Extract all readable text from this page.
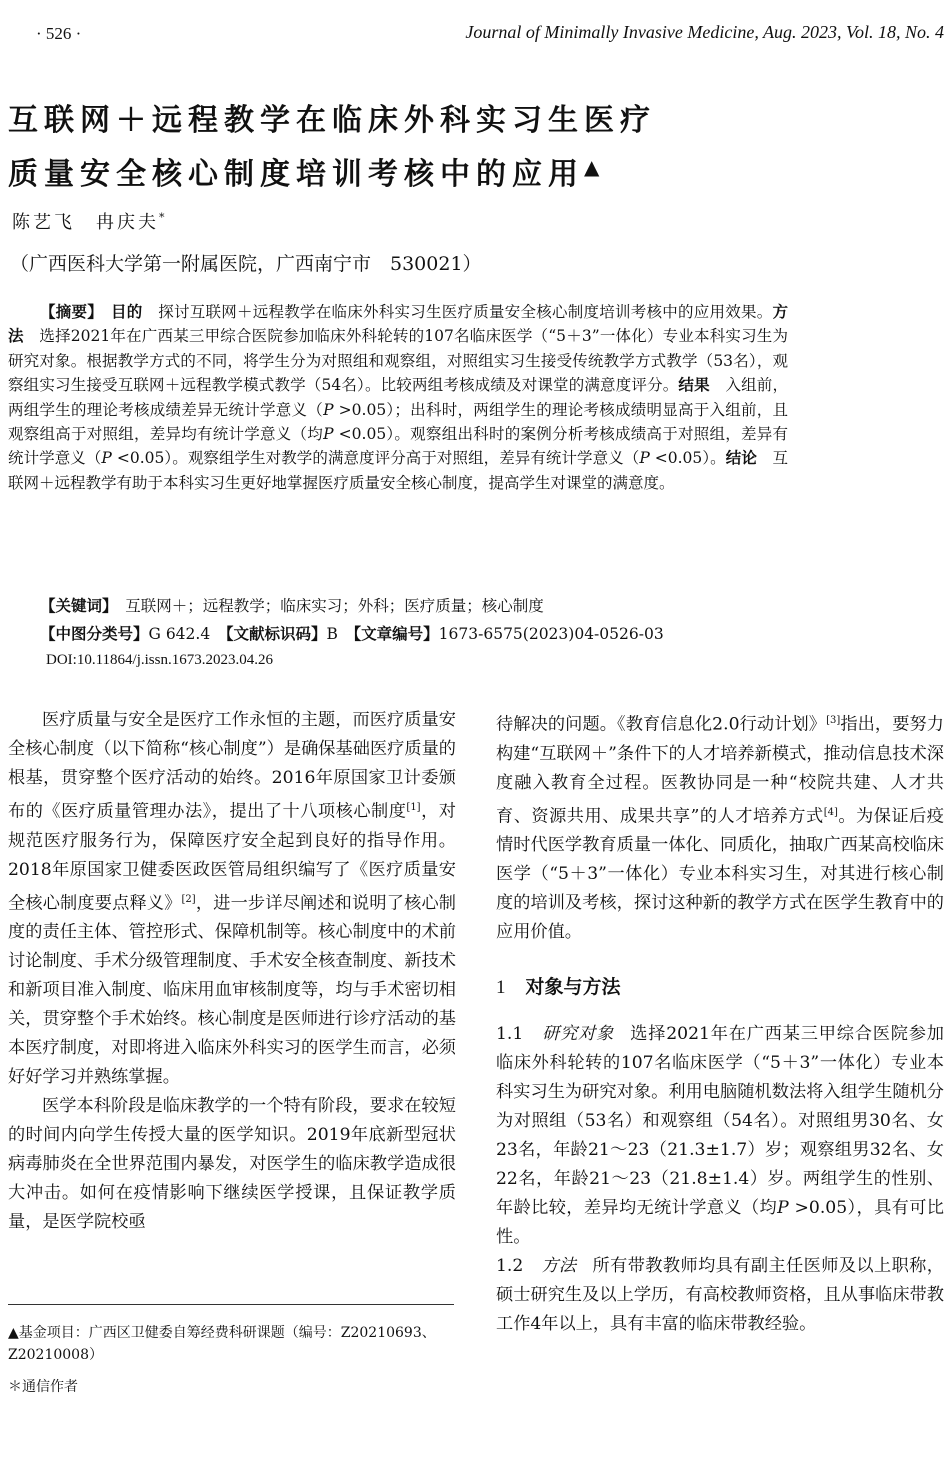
· 526 ·	Journal of Minimally Invasive Medicine, Aug. 2023, Vol. 18, No. 4
互联网＋远程教学在临床外科实习生医疗
质量安全核心制度培训考核中的应用▲
陈艺飞　冉庆夫*
（广西医科大学第一附属医院，广西南宁市　530021）
【摘要】　 目的　探讨互联网＋远程教学在临床外科实习生医疗质量安全核心制度培训考核中的应用效果。方法　选择2021年在广西某三甲综合医院参加临床外科轮转的107名临床医学（“5＋3”一体化）专业本科实习生为研究对象。根据教学方式的不同，将学生分为对照组和观察组，对照组实习生接受传统教学方式教学（53名），观察组实习生接受互联网＋远程教学模式教学（54名）。比较两组考核成绩及对课堂的满意度评分。结果　入组前，两组学生的理论考核成绩差异无统计学意义（P >0.05）；出科时，两组学生的理论考核成绩明显高于入组前，且观察组高于对照组，差异均有统计学意义（均P <0.05）。观察组出科时的案例分析考核成绩高于对照组，差异有统计学意义（P <0.05）。观察组学生对教学的满意度评分高于对照组，差异有统计学意义（P <0.05）。结论　互联网＋远程教学有助于本科实习生更好地掌握医疗质量安全核心制度，提高学生对课堂的满意度。
【关键词】　互联网＋；远程教学；临床实习；外科；医疗质量；核心制度
【中图分类号】G 642.4　 【文献标识码】B　 【文章编号】1673-6575(2023)04-0526-03
DOI:10.11864/j.issn.1673.2023.04.26

医疗质量与安全是医疗工作永恒的主题，而医疗质量安全核心制度（以下简称“核心制度”）是确保基础医疗质量的根基，贯穿整个医疗活动的始终。2016年原国家卫计委颁布的《医疗质量管理办法》，提出了十八项核心制度[1]，对规范医疗服务行为，保障医疗安全起到良好的指导作用。2018年原国家卫健委医政医管局组织编写了《医疗质量安全核心制度要点释义》[2]，进一步详尽阐述和说明了核心制度的责任主体、管控形式、保障机制等。核心制度中的术前讨论制度、手术分级管理制度、手术安全核查制度、新技术和新项目准入制度、临床用血审核制度等，均与手术密切相关，贯穿整个手术始终。核心制度是医师进行诊疗活动的基本医疗制度，对即将进入临床外科实习的医学生而言，必须好好学习并熟练掌握。

医学本科阶段是临床教学的一个特有阶段，要求在较短的时间内向学生传授大量的医学知识。2019年底新型冠状病毒肺炎在全世界范围内暴发，对医学生的临床教学造成很大冲击。如何在疫情影响下继续医学授课，且保证教学质量，是医学院校亟

待解决的问题。《教育信息化2.0行动计划》[3]指出，要努力构建“互联网＋”条件下的人才培养新模式，推动信息技术深度融入教育全过程。医教协同是一种“校院共建、人才共育、资源共用、成果共享”的人才培养方式[4]。为保证后疫情时代医学教育质量一体化、同质化，抽取广西某高校临床医学（“5＋3”一体化）专业本科实习生，对其进行核心制度的培训及考核，探讨这种新的教学方式在医学生教育中的应用价值。

1 对象与方法

1.1　 研究对象 选择2021年在广西某三甲综合医院参加临床外科轮转的107名临床医学（“5＋3”一体化）专业本科实习生为研究对象。利用电脑随机数法将入组学生随机分为对照组（53名）和观察组（54名）。对照组男30名、女23名，年龄21～23（21.3±1.7）岁；观察组男32名、女22名，年龄21～23（21.8±1.4）岁。两组学生的性别、年龄比较，差异均无统计学意义（均P >0.05），具有可比性。

1.2　 方法 所有带教教师均具有副主任医师及以上职称，硕士研究生及以上学历，有高校教师资格，且从事临床带教工作4年以上，具有丰富的临床带教经验。

▲基金项目：广西区卫健委自筹经费科研课题（编号：Z20210693、Z20210008）
＊通信作者
